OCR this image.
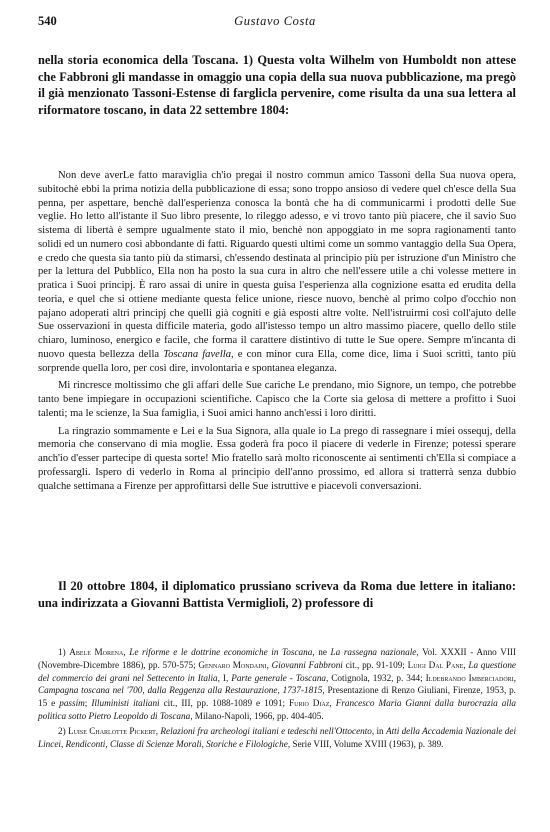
540	Gustavo Costa
nella storia economica della Toscana. 1) Questa volta Wilhelm von Humboldt non attese che Fabbroni gli mandasse in omaggio una copia della sua nuova pubblicazione, ma pregò il già menzionato Tassoni-Estense di farglicla pervenire, come risulta da una sua lettera al riformatore toscano, in data 22 settembre 1804:

Non deve averLe fatto maraviglia ch'io pregai il nostro commun amico Tassoni della Sua nuova opera, subitochè ebbi la prima notizia della pubblicazione di essa; sono troppo ansioso di vedere quel ch'esce della Sua penna, per aspettare, benchè dall'esperienza conosca la bontà che ha di communicarmi i prodotti delle Sue veglie. Ho letto all'istante il Suo libro presente, lo rileggo adesso, e vi trovo tanto più piacere, che il savio Suo sistema di libertà è sempre ugualmente stato il mio, benchè non appoggiato in me sopra ragionamenti tanto solidi ed un numero così abbondante di fatti. Riguardo questi ultimi come un sommo vantaggio della Sua Opera, e credo che questa sia tanto più da stimarsi, ch'essendo destinata al principio più per istruzione d'un Ministro che per la lettura del Pubblico, Ella non ha posto la sua cura in altro che nell'essere utile a chi volesse mettere in pratica i Suoi principj. È raro assai di unire in questa guisa l'esperienza alla cognizione esatta ed erudita della teoria, e quel che si ottiene mediante questa felice unione, riesce nuovo, benchè al primo colpo d'occhio non pajano adoperati altri principj che quelli già cogniti e già esposti altre volte. Nell'istruirmi così coll'ajuto delle Sue osservazioni in questa difficile materia, godo all'istesso tempo un altro massimo piacere, quello dello stile chiaro, luminoso, energico e facile, che forma il carattere distintivo di tutte le Sue opere. Sempre m'incanta di nuovo questa bellezza della Toscana favella, e con minor cura Ella, come dice, lima i Suoi scritti, tanto più sorprende quella loro, per così dire, involontaria e spontanea eleganza.

Mi rincresce moltissimo che gli affari delle Sue cariche Le prendano, mio Signore, un tempo, che potrebbe tanto bene impiegare in occupazioni scientifiche. Capisco che la Corte sia gelosa di mettere a profitto i Suoi talenti; ma le scienze, la Sua famiglia, i Suoi amici hanno anch'essi i loro diritti.

La ringrazio sommamente e Lei e la Sua Signora, alla quale io La prego di rassegnare i miei ossequj, della memoria che conservano di mia moglie. Essa goderà fra poco il piacere di vederle in Firenze; potessi sperare anch'io d'esser partecipe di questa sorte! Mio fratello sarà molto riconoscente ai sentimenti ch'Ella si compiace a professargli. Ispero di vederlo in Roma al principio dell'anno prossimo, ed allora si tratterrà senza dubbio qualche settimana a Firenze per approfittarsi delle Sue istruttive e piacevoli conversazioni.

Il 20 ottobre 1804, il diplomatico prussiano scriveva da Roma due lettere in italiano: una indirizzata a Giovanni Battista Vermiglioli, 2) professore di

1) Abele Morena, Le riforme e le dottrine economiche in Toscana, ne La rassegna nazionale, Vol. XXXII - Anno VIII (Novembre-Dicembre 1886), pp. 570-575; Gennaro Mondaini, Giovanni Fabbroni cit., pp. 91-109; Luigi Dal Pane, La questione del commercio dei grani nel Settecento in Italia, I, Parte generale - Toscana, Cotignola, 1932, p. 344; Ildebrando Imberciadori, Campagna toscana nel '700, dalla Reggenza alla Restaurazione, 1737-1815, Presentazione di Renzo Giuliani, Firenze, 1953, p. 15 e passim; Illuministi italiani cit., III, pp. 1088-1089 e 1091; Furio Diaz, Francesco Maria Gianni dalla burocrazia alla politica sotto Pietro Leopoldo di Toscana, Milano-Napoli, 1966, pp. 404-405.

2) Luise Charlotte Pickert, Relazioni fra archeologi italiani e tedeschi nell'Ottocento, in Atti della Accademia Nazionale dei Lincei, Rendiconti, Classe di Scienze Morali, Storiche e Filologiche, Serie VIII, Volume XVIII (1963), p. 389.
